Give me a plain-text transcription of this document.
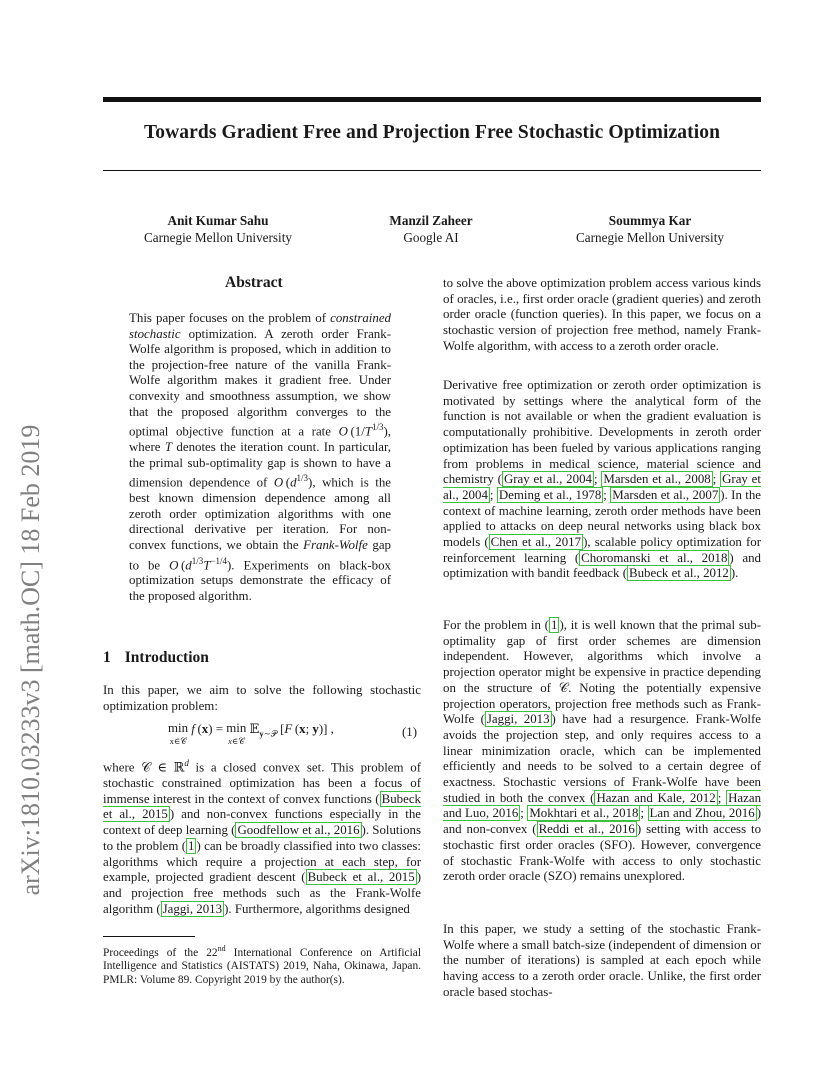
arXiv:1810.03233v3 [math.OC] 18 Feb 2019
Towards Gradient Free and Projection Free Stochastic Optimization
Anit Kumar Sahu
Carnegie Mellon University
Manzil Zaheer
Google AI
Soummya Kar
Carnegie Mellon University
Abstract
This paper focuses on the problem of constrained stochastic optimization. A zeroth order Frank-Wolfe algorithm is proposed, which in addition to the projection-free nature of the vanilla Frank-Wolfe algorithm makes it gradient free. Under convexity and smoothness assumption, we show that the proposed algorithm converges to the optimal objective function at a rate O $(1/T^{1/3})$, where T denotes the iteration count. In particular, the primal sub-optimality gap is shown to have a dimension dependence of O $(d^{1/3})$, which is the best known dimension dependence among all zeroth order optimization algorithms with one directional derivative per iteration. For non-convex functions, we obtain the Frank-Wolfe gap to be O $(d^{1/3}T^{-1/4})$. Experiments on black-box optimization setups demonstrate the efficacy of the proposed algorithm.
1 Introduction

In this paper, we aim to solve the following stochastic optimization problem:

min
x∈𝒞 f (x) = min
x∈𝒞 𝔼$_{y\sim 𝒫}$ [F (x; y)] ,	(1)

where 𝒞 ∈ ℝ$^d$ is a closed convex set. This problem of stochastic constrained optimization has been a focus of immense interest in the context of convex functions ( Bubeck et al., 2015 ) and non-convex functions especially in the context of deep learning ( Goodfellow et al., 2016 ). Solutions to the problem ( 1 ) can be broadly classified into two classes: algorithms which require a projection at each step, for example, projected gradient descent ( Bubeck et al., 2015 ) and projection free methods such as the Frank-Wolfe algorithm ( Jaggi, 2013 ). Furthermore, algorithms designed

Proceedings of the 22nd International Conference on Artificial Intelligence and Statistics (AISTATS) 2019, Naha, Okinawa, Japan. PMLR: Volume 89. Copyright 2019 by the author(s).

to solve the above optimization problem access various kinds of oracles, i.e., first order oracle (gradient queries) and zeroth order oracle (function queries). In this paper, we focus on a stochastic version of projection free method, namely Frank-Wolfe algorithm, with access to a zeroth order oracle.

Derivative free optimization or zeroth order optimization is motivated by settings where the analytical form of the function is not available or when the gradient evaluation is computationally prohibitive. Developments in zeroth order optimization has been fueled by various applications ranging from problems in medical science, material science and chemistry ( Gray et al., 2004 ; Marsden et al., 2008 ; Gray et al., 2004 ; Deming et al., 1978 ; Marsden et al., 2007 ). In the context of machine learning, zeroth order methods have been applied to attacks on deep neural networks using black box models ( Chen et al., 2017 ), scalable policy optimization for reinforcement learning ( Choromanski et al., 2018 ) and optimization with bandit feedback ( Bubeck et al., 2012 ).

For the problem in ( 1 ), it is well known that the primal sub-optimality gap of first order schemes are dimension independent. However, algorithms which involve a projection operator might be expensive in practice depending on the structure of 𝒞. Noting the potentially expensive projection operators, projection free methods such as Frank-Wolfe ( Jaggi, 2013 ) have had a resurgence. Frank-Wolfe avoids the projection step, and only requires access to a linear minimization oracle, which can be implemented efficiently and needs to be solved to a certain degree of exactness. Stochastic versions of Frank-Wolfe have been studied in both the convex ( Hazan and Kale, 2012 ; Hazan and Luo, 2016 ; Mokhtari et al., 2018 ; Lan and Zhou, 2016 ) and non-convex ( Reddi et al., 2016 ) setting with access to stochastic first order oracles (SFO). However, convergence of stochastic Frank-Wolfe with access to only stochastic zeroth order oracle (SZO) remains unexplored.

In this paper, we study a setting of the stochastic Frank-Wolfe where a small batch-size (independent of dimension or the number of iterations) is sampled at each epoch while having access to a zeroth order oracle. Unlike, the first order oracle based stochas-
